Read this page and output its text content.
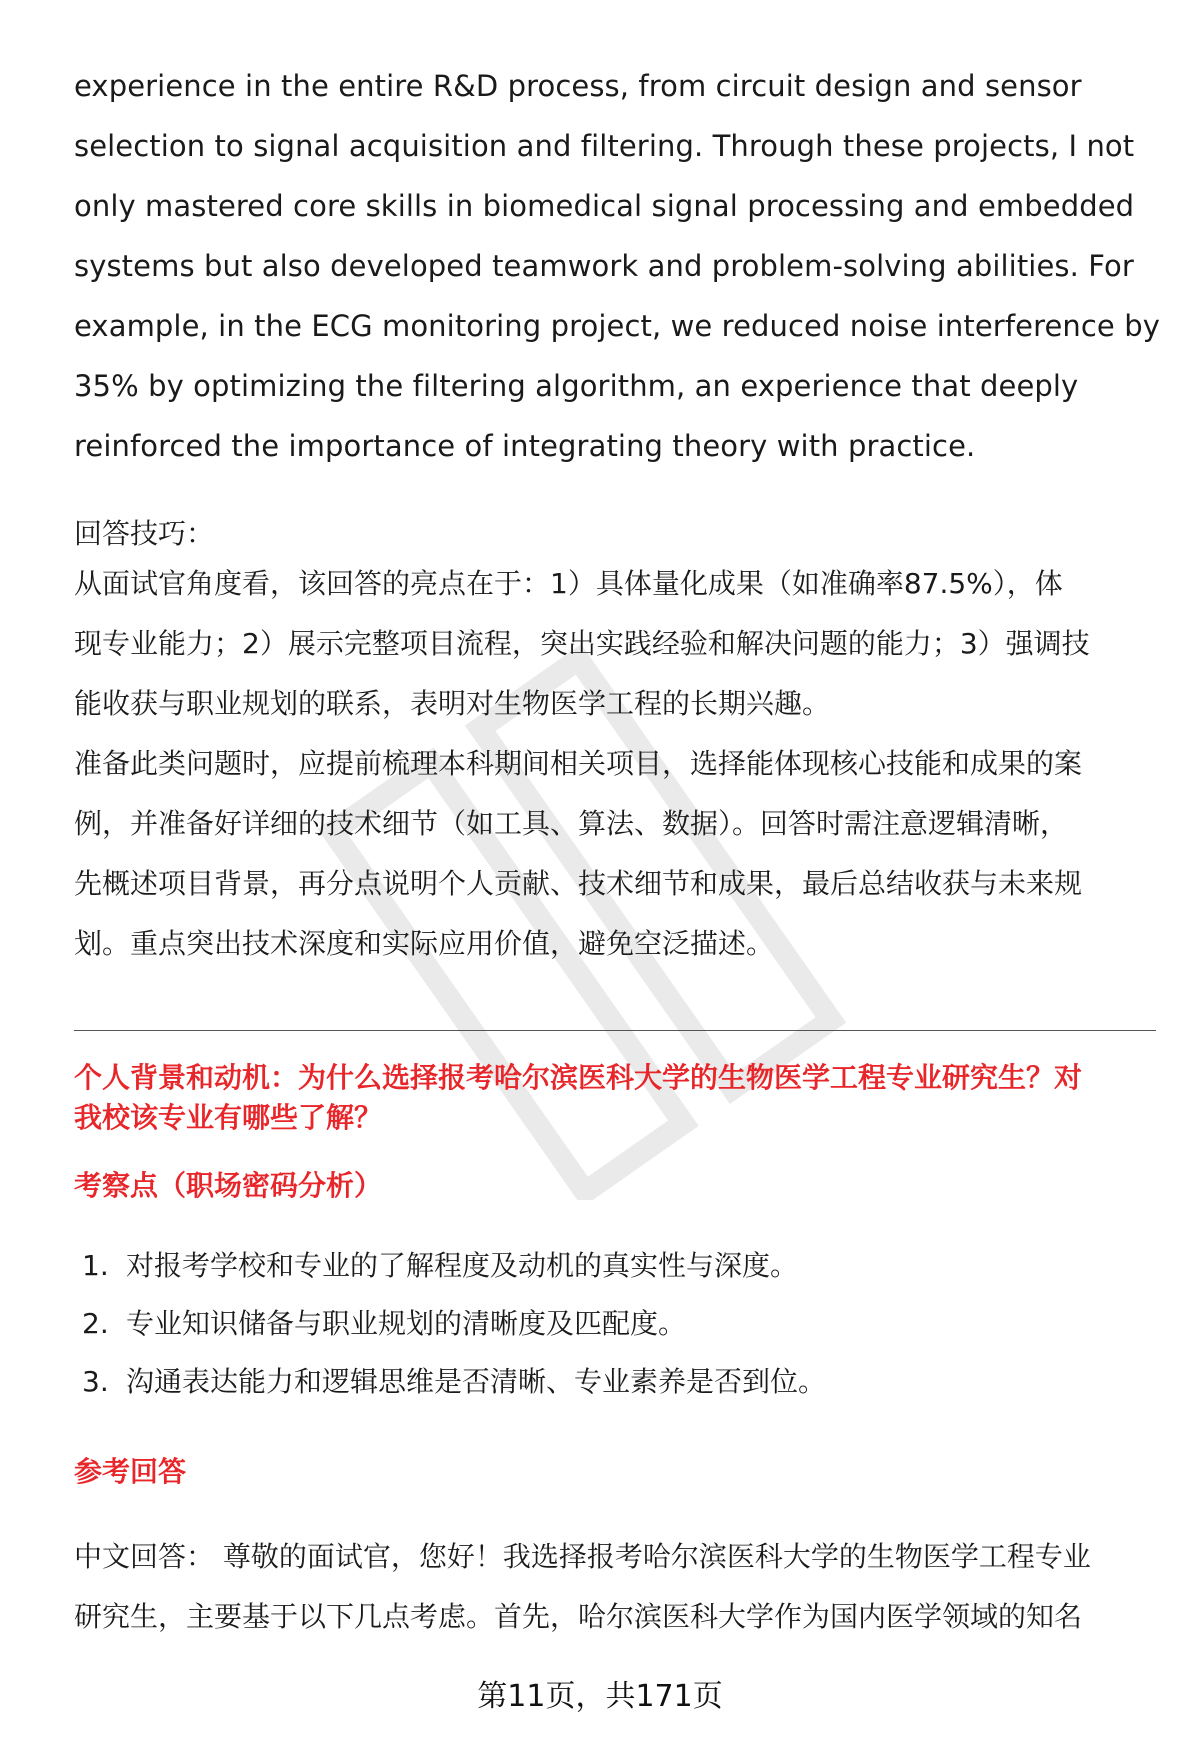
experience in the entire R&D process, from circuit design and sensor
selection to signal acquisition and filtering. Through these projects, I not
only mastered core skills in biomedical signal processing and embedded
systems but also developed teamwork and problem-solving abilities. For
example, in the ECG monitoring project, we reduced noise interference by
35% by optimizing the filtering algorithm, an experience that deeply
reinforced the importance of integrating theory with practice.

回答技巧：

从面试官角度看，该回答的亮点在于：1）具体量化成果（如准确率87.5%），体
现专业能力；2）展示完整项目流程，突出实践经验和解决问题的能力；3）强调技
能收获与职业规划的联系，表明对生物医学工程的长期兴趣。

准备此类问题时，应提前梳理本科期间相关项目，选择能体现核心技能和成果的案
例，并准备好详细的技术细节（如工具、算法、数据）。回答时需注意逻辑清晰，
先概述项目背景，再分点说明个人贡献、技术细节和成果，最后总结收获与未来规
划。重点突出技术深度和实际应用价值，避免空泛描述。

个人背景和动机：为什么选择报考哈尔滨医科大学的生物医学工程专业研究生？对
我校该专业有哪些了解？
考察点（职场密码分析）
1. 对报考学校和专业的了解程度及动机的真实性与深度。
2. 专业知识储备与职业规划的清晰度及匹配度。
3. 沟通表达能力和逻辑思维是否清晰、专业素养是否到位。
参考回答
中文回答： 尊敬的面试官，您好！我选择报考哈尔滨医科大学的生物医学工程专业
研究生，主要基于以下几点考虑。首先，哈尔滨医科大学作为国内医学领域的知名
第11页，共171页
